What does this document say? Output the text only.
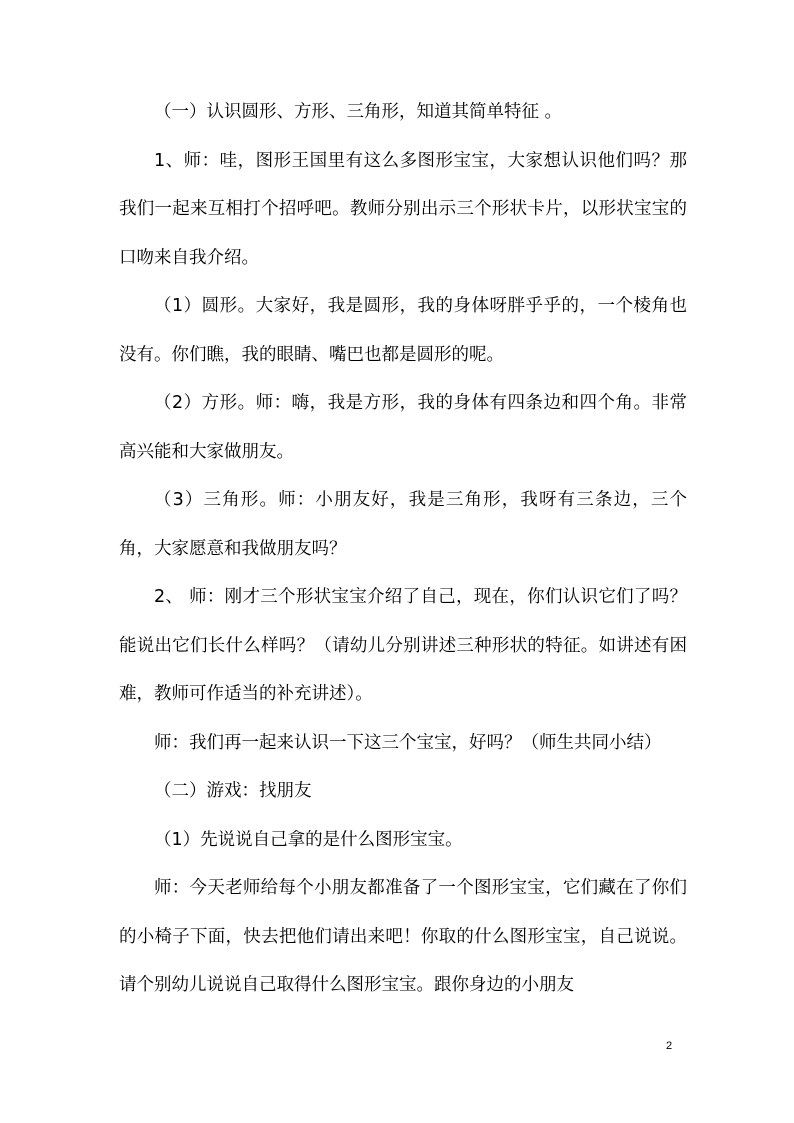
（一）认识圆形、方形、三角形，知道其简单特征 。

1、师：哇，图形王国里有这么多图形宝宝，大家想认识他们吗？那我们一起来互相打个招呼吧。教师分别出示三个形状卡片，以形状宝宝的口吻来自我介绍。

（1）圆形。大家好，我是圆形，我的身体呀胖乎乎的，一个棱角也没有。你们瞧，我的眼睛、嘴巴也都是圆形的呢。

（2）方形。师：嗨，我是方形，我的身体有四条边和四个角。非常高兴能和大家做朋友。

（3）三角形。师：小朋友好，我是三角形，我呀有三条边，三个角，大家愿意和我做朋友吗？

2、 师：刚才三个形状宝宝介绍了自己，现在，你们认识它们了吗？能说出它们长什么样吗？（请幼儿分别讲述三种形状的特征。如讲述有困难，教师可作适当的补充讲述）。

师：我们再一起来认识一下这三个宝宝，好吗？（师生共同小结）

（二）游戏：找朋友

（1）先说说自己拿的是什么图形宝宝。

师：今天老师给每个小朋友都准备了一个图形宝宝，它们藏在了你们的小椅子下面，快去把他们请出来吧！你取的什么图形宝宝，自己说说。请个别幼儿说说自己取得什么图形宝宝。跟你身边的小朋友

2
